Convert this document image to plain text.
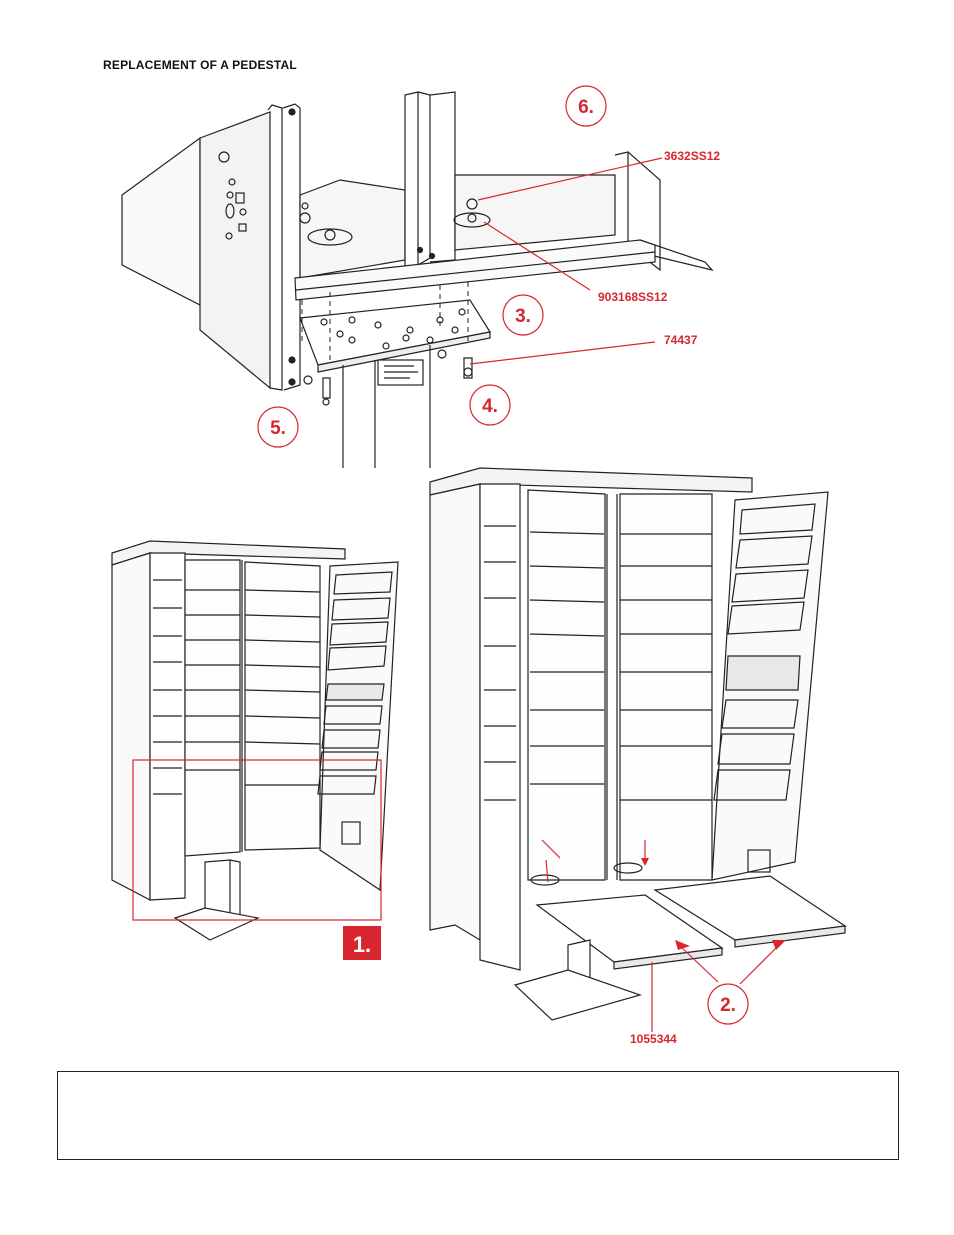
REPLACEMENT OF A PEDESTAL
1.
6.
3.
4.
5.
2.
3632SS12
903168SS12
74437
1055344
